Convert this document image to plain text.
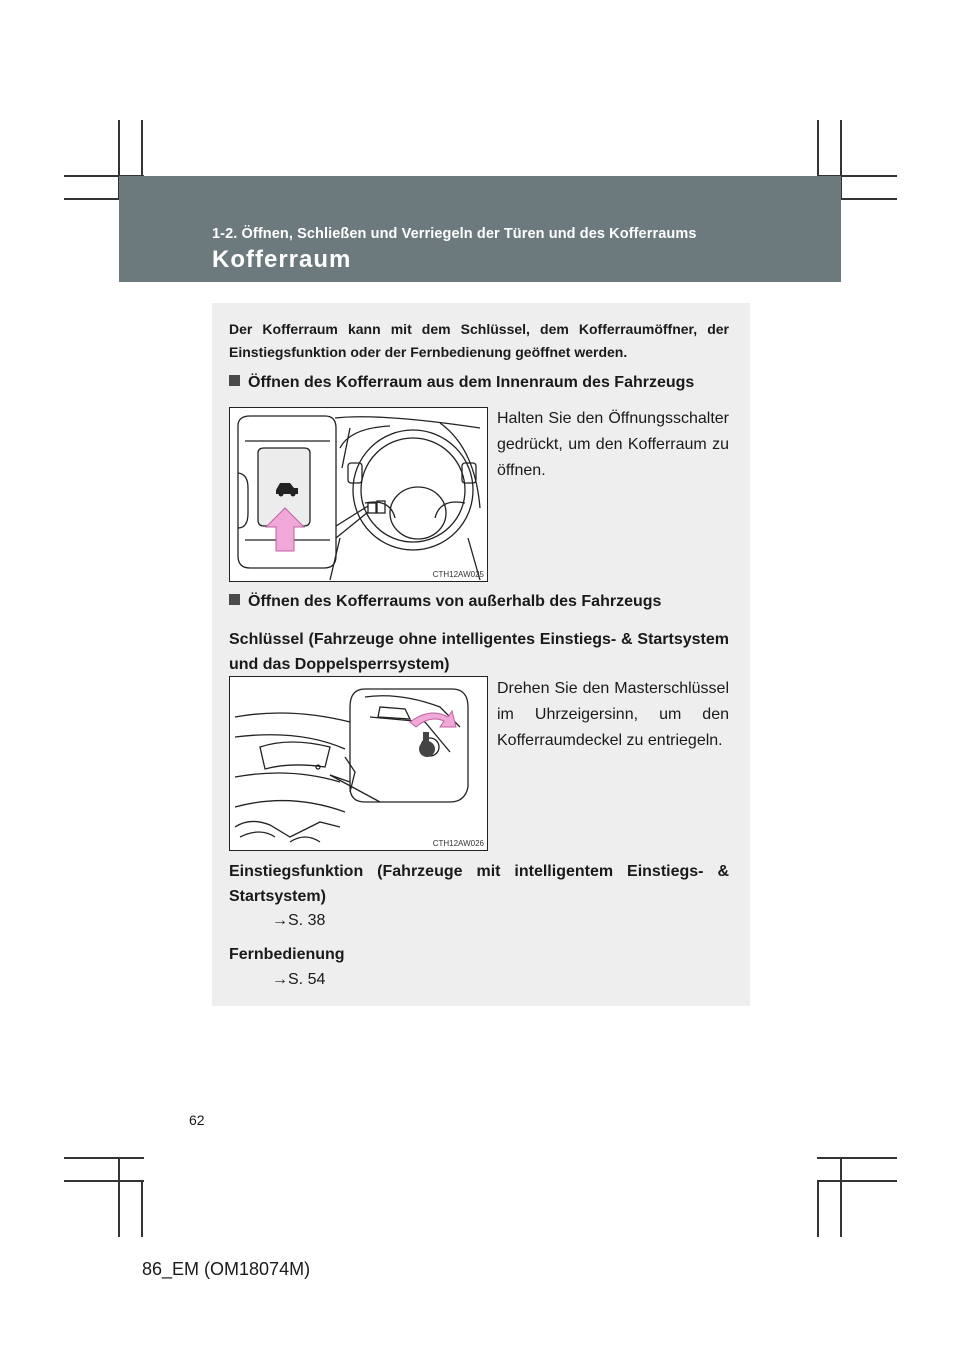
1-2. Öffnen, Schließen und Verriegeln der Türen und des Kofferraums
Kofferraum
Der Kofferraum kann mit dem Schlüssel, dem Kofferraumöffner, der Einstiegsfunktion oder der Fernbedienung geöffnet werden.
Öffnen des Kofferraum aus dem Innenraum des Fahrzeugs
CTH12AW025
Halten Sie den Öffnungsschalter gedrückt, um den Kofferraum zu öffnen.
Öffnen des Kofferraums von außerhalb des Fahrzeugs
Schlüssel (Fahrzeuge ohne intelligentes Einstiegs- & Startsystem und das Doppelsperrsystem)
CTH12AW026
Drehen Sie den Masterschlüssel im Uhrzeigersinn, um den Kofferraumdeckel zu entriegeln.
Einstiegsfunktion (Fahrzeuge mit intelligentem Einstiegs- & Startsystem)
→S. 38
Fernbedienung
→S. 54
62
86_EM (OM18074M)
